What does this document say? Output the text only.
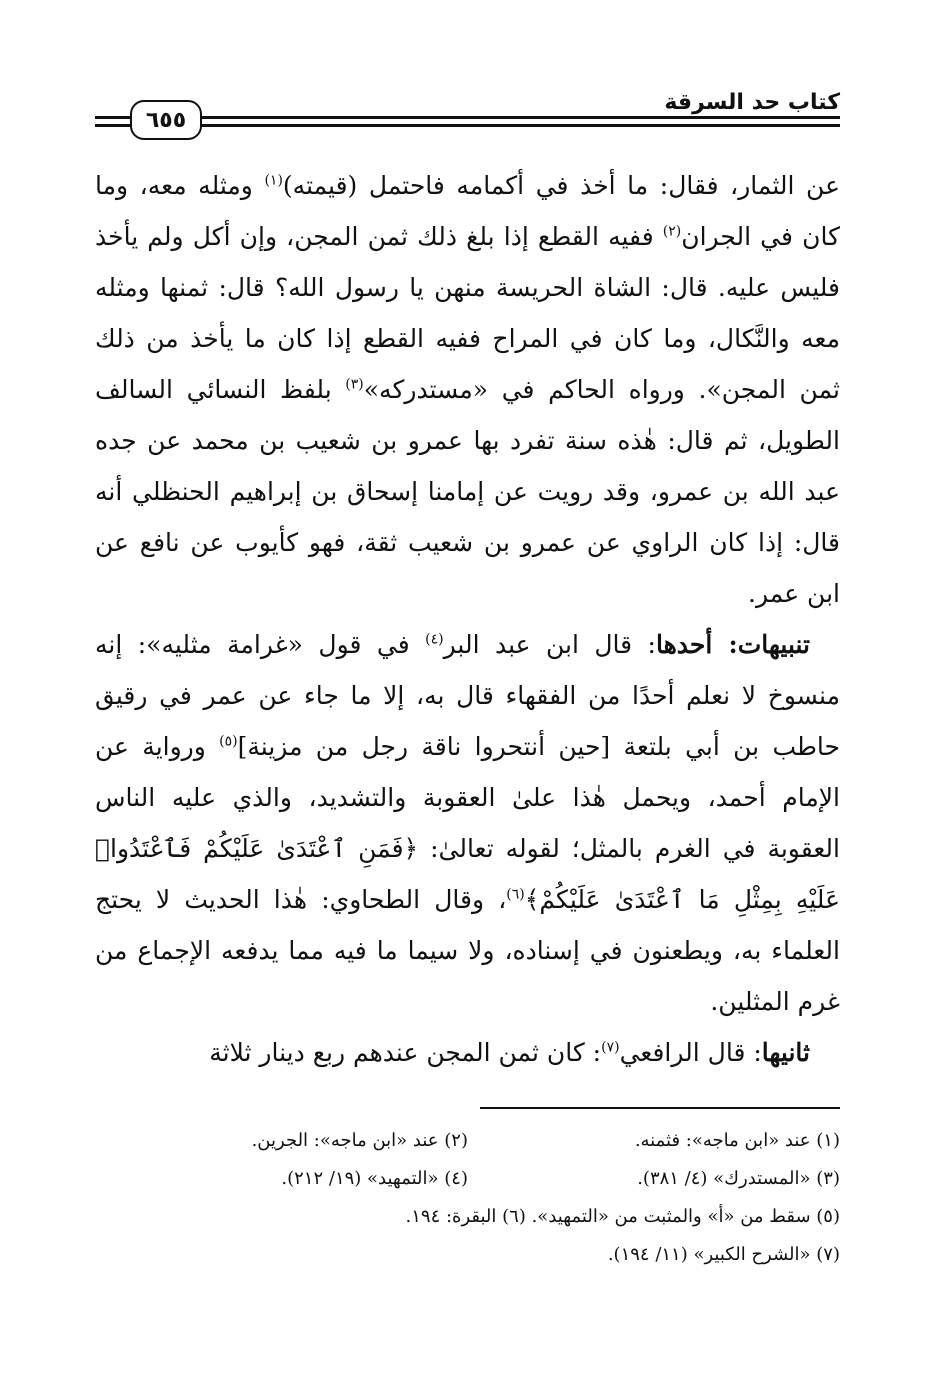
كتاب حد السرقة
٦٥٥

عن الثمار، فقال: ما أخذ في أكمامه فاحتمل (قيمته)$^{(١)}$ ومثله معه، وما كان في الجران$^{(٢)}$ ففيه القطع إذا بلغ ذلك ثمن المجن، وإن أكل ولم يأخذ فليس عليه. قال: الشاة الحريسة منهن يا رسول الله؟ قال: ثمنها ومثله معه والنَّكال، وما كان في المراح ففيه القطع إذا كان ما يأخذ من ذلك ثمن المجن». ورواه الحاكم في «مستدركه»$^{(٣)}$ بلفظ النسائي السالف الطويل، ثم قال: هٰذه سنة تفرد بها عمرو بن شعيب بن محمد عن جده عبد الله بن عمرو، وقد رويت عن إمامنا إسحاق بن إبراهيم الحنظلي أنه قال: إذا كان الراوي عن عمرو بن شعيب ثقة، فهو كأيوب عن نافع عن ابن عمر.

تنبيهات: أحدها: قال ابن عبد البر$^{(٤)}$ في قول «غرامة مثليه»: إنه منسوخ لا نعلم أحدًا من الفقهاء قال به، إلا ما جاء عن عمر في رقيق حاطب بن أبي بلتعة [حين أنتحروا ناقة رجل من مزينة]$^{(٥)}$ ورواية عن الإمام أحمد، ويحمل هٰذا علىٰ العقوبة والتشديد، والذي عليه الناس العقوبة في الغرم بالمثل؛ لقوله تعالىٰ: ﴿فَمَنِ ٱعْتَدَىٰ عَلَيْكُمْ فَٱعْتَدُوا۟ عَلَيْهِ بِمِثْلِ مَا ٱعْتَدَىٰ عَلَيْكُمْ﴾$^{(٦)}$، وقال الطحاوي: هٰذا الحديث لا يحتج العلماء به، ويطعنون في إسناده، ولا سيما ما فيه مما يدفعه الإجماع من غرم المثلين.

ثانيها: قال الرافعي$^{(٧)}$: كان ثمن المجن عندهم ربع دينار ثلاثة

(١) عند «ابن ماجه»: فثمنه.
(٢) عند «ابن ماجه»: الجرين.
(٣) «المستدرك» (٤/ ٣٨١).
(٤) «التمهيد» (١٩/ ٢١٢).
(٥) سقط من «أ» والمثبت من «التمهيد». (٦) البقرة: ١٩٤.
(٧) «الشرح الكبير» (١١/ ١٩٤).
